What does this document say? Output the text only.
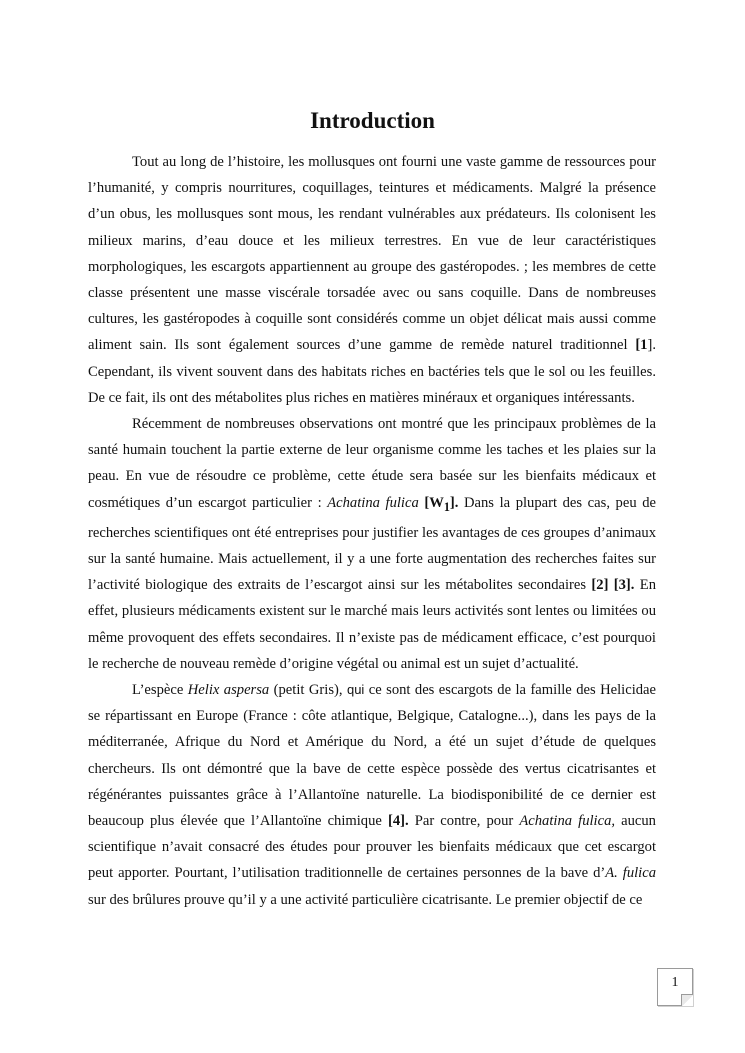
Introduction

Tout au long de l’histoire, les mollusques ont fourni une vaste gamme de ressources pour l’humanité, y compris nourritures, coquillages, teintures et médicaments. Malgré la présence d’un obus, les mollusques sont mous, les rendant vulnérables aux prédateurs. Ils colonisent les milieux marins, d’eau douce et les milieux terrestres. En vue de leur caractéristiques morphologiques, les escargots appartiennent au groupe des gastéropodes. ; les membres de cette classe présentent une masse viscérale torsadée avec ou sans coquille. Dans de nombreuses cultures, les gastéropodes à coquille sont considérés comme un objet délicat mais aussi comme aliment sain. Ils sont également sources d’une gamme de remède naturel traditionnel [1]. Cependant, ils vivent souvent dans des habitats riches en bactéries tels que le sol ou les feuilles. De ce fait, ils ont des métabolites plus riches en matières minéraux et organiques intéressants.

Récemment de nombreuses observations ont montré que les principaux problèmes de la santé humain touchent la partie externe de leur organisme comme les taches et les plaies sur la peau. En vue de résoudre ce problème, cette étude sera basée sur les bienfaits médicaux et cosmétiques d’un escargot particulier : Achatina fulica $[W_1]$. Dans la plupart des cas, peu de recherches scientifiques ont été entreprises pour justifier les avantages de ces groupes d’animaux sur la santé humaine. Mais actuellement, il y a une forte augmentation des recherches faites sur l’activité biologique des extraits de l’escargot ainsi sur les métabolites secondaires [2] [3]. En effet, plusieurs médicaments existent sur le marché mais leurs activités sont lentes ou limitées ou même provoquent des effets secondaires. Il n’existe pas de médicament efficace, c’est pourquoi le recherche de nouveau remède d’origine végétal ou animal est un sujet d’actualité.

L’espèce Helix aspersa (petit Gris), qui ce sont des escargots de la famille des Helicidae se répartissant en Europe (France : côte atlantique, Belgique, Catalogne...), dans les pays de la méditerranée, Afrique du Nord et Amérique du Nord, a été un sujet d’étude de quelques chercheurs. Ils ont démontré que la bave de cette espèce possède des vertus cicatrisantes et régénérantes puissantes grâce à l’Allantoïne naturelle. La biodisponibilité de ce dernier est beaucoup plus élevée que l’Allantoïne chimique [4]. Par contre, pour Achatina fulica, aucun scientifique n’avait consacré des études pour prouver les bienfaits médicaux que cet escargot peut apporter. Pourtant, l’utilisation traditionnelle de certaines personnes de la bave d’A. fulica sur des brûlures prouve qu’il y a une activité particulière cicatrisante. Le premier objectif de ce

1
